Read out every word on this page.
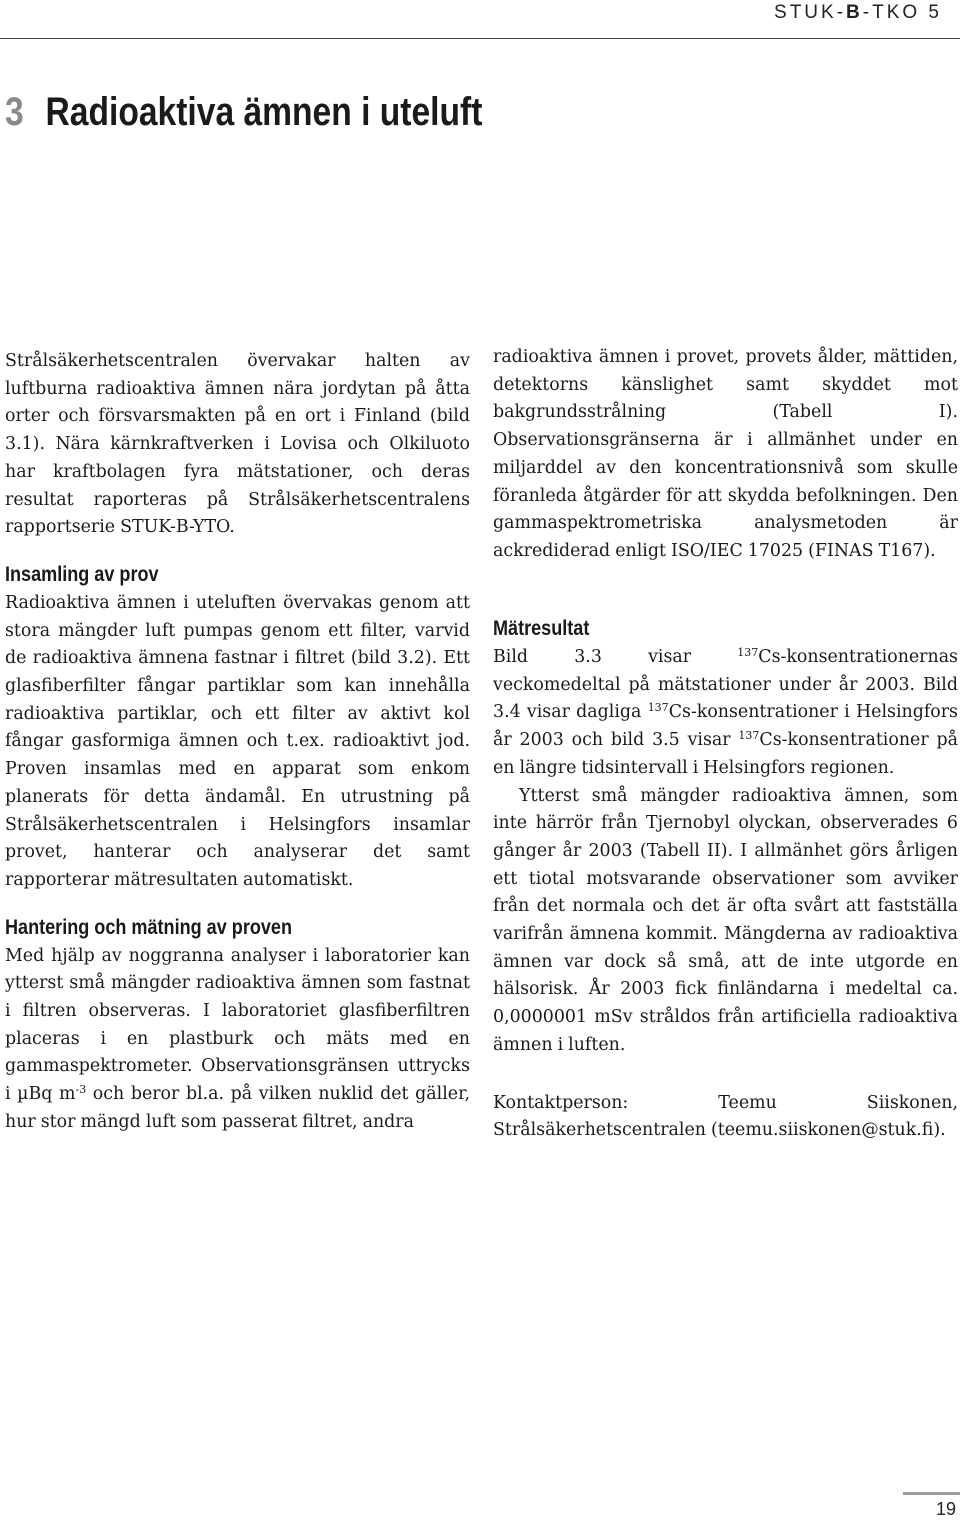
STUK-B-TKO 5
3 Radioaktiva ämnen i uteluft

Strålsäkerhetscentralen övervakar halten av luftburna radioaktiva ämnen nära jordytan på åtta orter och försvarsmakten på en ort i Finland (bild 3.1). Nära kärnkraftverken i Lovisa och Olkiluoto har kraftbolagen fyra mätstationer, och deras resultat raporteras på Strålsäkerhetscentralens rapportserie STUK-B-YTO.

Insamling av prov

Radioaktiva ämnen i uteluften övervakas genom att stora mängder luft pumpas genom ett filter, varvid de radioaktiva ämnena fastnar i filtret (bild 3.2). Ett glasfiberfilter fångar partiklar som kan innehålla radioaktiva partiklar, och ett filter av aktivt kol fångar gasformiga ämnen och t.ex. radioaktivt jod. Proven insamlas med en apparat som enkom planerats för detta ändamål. En utrustning på Strålsäkerhetscentralen i Helsingfors insamlar provet, hanterar och analyserar det samt rapporterar mätresultaten automatiskt.

Hantering och mätning av proven

Med hjälp av noggranna analyser i laboratorier kan ytterst små mängder radioaktiva ämnen som fastnat i filtren observeras. I laboratoriet glasfiberfiltren placeras i en plastburk och mäts med en gammaspektrometer. Observationsgränsen uttrycks i µBq $m^{-3}$ och beror bl.a. på vilken nuklid det gäller, hur stor mängd luft som passerat filtret, andra

radioaktiva ämnen i provet, provets ålder, mättiden, detektorns känslighet samt skyddet mot bakgrundsstrålning (Tabell I). Observationsgränserna är i allmänhet under en miljarddel av den koncentrationsnivå som skulle föranleda åtgärder för att skydda befolkningen. Den gammaspektrometriska analysmetoden är ackrediderad enligt ISO/IEC 17025 (FINAS T167).

Mätresultat

Bild 3.3 visar $^{137}$Cs-konsentrationernas veckomedeltal på mätstationer under år 2003. Bild 3.4 visar dagliga $^{137}$Cs-konsentrationer i Helsingfors år 2003 och bild 3.5 visar $^{137}$Cs-konsentrationer på en längre tidsintervall i Helsingfors regionen.

Ytterst små mängder radioaktiva ämnen, som inte härrör från Tjernobyl olyckan, observerades 6 gånger år 2003 (Tabell II). I allmänhet görs årligen ett tiotal motsvarande observationer som avviker från det normala och det är ofta svårt att fastställa varifrån ämnena kommit. Mängderna av radioaktiva ämnen var dock så små, att de inte utgorde en hälsorisk. År 2003 fick finländarna i medeltal ca. 0,0000001 mSv stråldos från artificiella radioaktiva ämnen i luften.

Kontaktperson: Teemu Siiskonen, Strålsäkerhetscentralen (teemu.siiskonen@stuk.fi).

19
